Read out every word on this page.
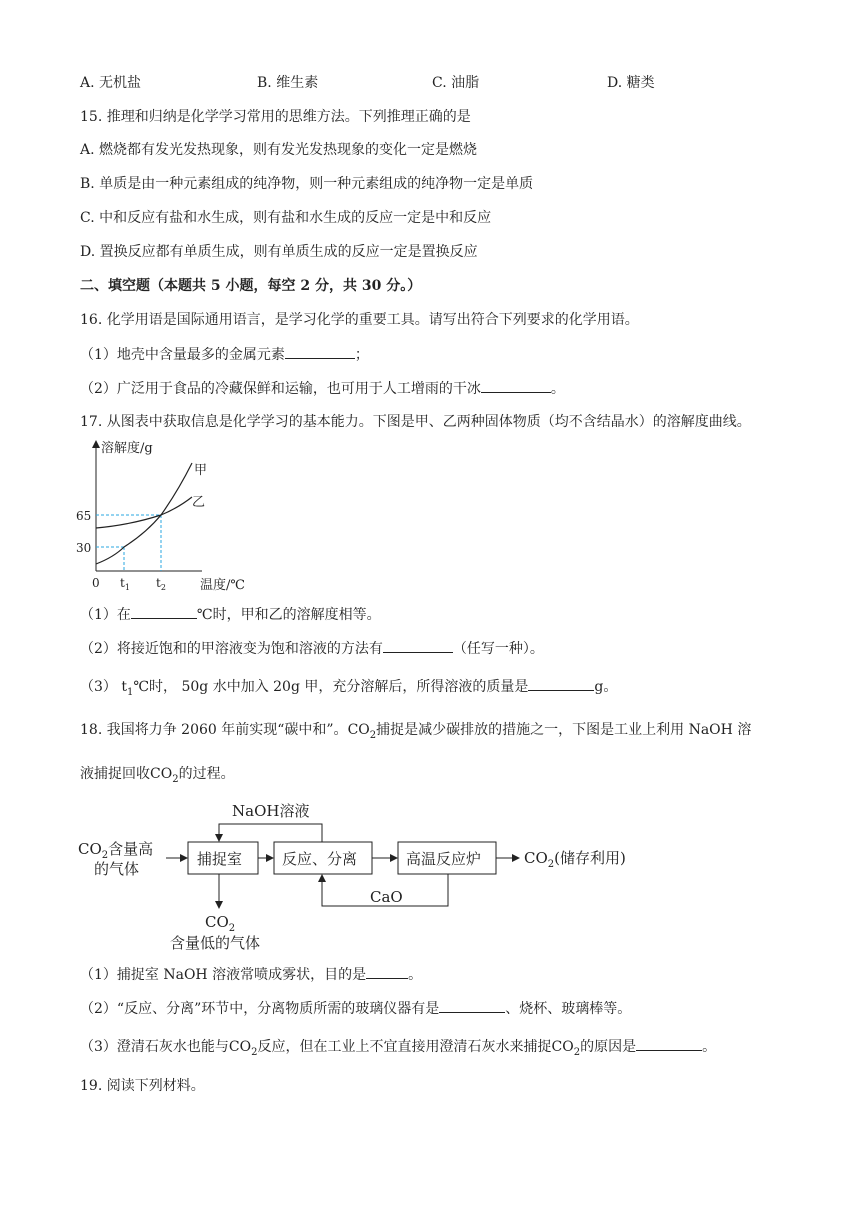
A. 无机盐	B. 维生素	C. 油脂	D. 糖类
15. 推理和归纳是化学学习常用的思维方法。下列推理正确的是
A. 燃烧都有发光发热现象，则有发光发热现象的变化一定是燃烧
B. 单质是由一种元素组成的纯净物，则一种元素组成的纯净物一定是单质
C. 中和反应有盐和水生成，则有盐和水生成的反应一定是中和反应
D. 置换反应都有单质生成，则有单质生成的反应一定是置换反应
二、填空题（本题共 5 小题，每空 2 分，共 30 分。）
16. 化学用语是国际通用语言，是学习化学的重要工具。请写出符合下列要求的化学用语。
（1）地壳中含量最多的金属元素	；
（2）广泛用于食品的冷藏保鲜和运输，也可用于人工增雨的干冰	。
17. 从图表中获取信息是化学学习的基本能力。下图是甲、乙两种固体物质（均不含结晶水）的溶解度曲线。
溶解度/g
温度/℃
65
30
0 $t_1$ $t_2$
甲
乙
（1）在	℃时，甲和乙的溶解度相等。
（2）将接近饱和的甲溶液变为饱和溶液的方法有	（任写一种）。
（3） $t_1℃$时， 50g 水中加入 20g 甲，充分溶解后，所得溶液的质量是	g。
18. 我国将力争 2060 年前实现“碳中和”。$CO_2$捕捉是减少碳排放的措施之一，下图是工业上利用 NaOH 溶
液捕捉回收$CO_2$的过程。
$CO_2$含量高
的气体
捕捉室	反应、分离	高温反应炉	$CO_2$(储存利用)
NaOH溶液
CaO
$CO_2$
含量低的气体
（1）捕捉室 NaOH 溶液常喷成雾状，目的是	。
（2）“反应、分离”环节中，分离物质所需的玻璃仪器有是	、烧杯、玻璃棒等。
（3）澄清石灰水也能与$CO_2$反应，但在工业上不宜直接用澄清石灰水来捕捉$CO_2$的原因是	。
19. 阅读下列材料。
